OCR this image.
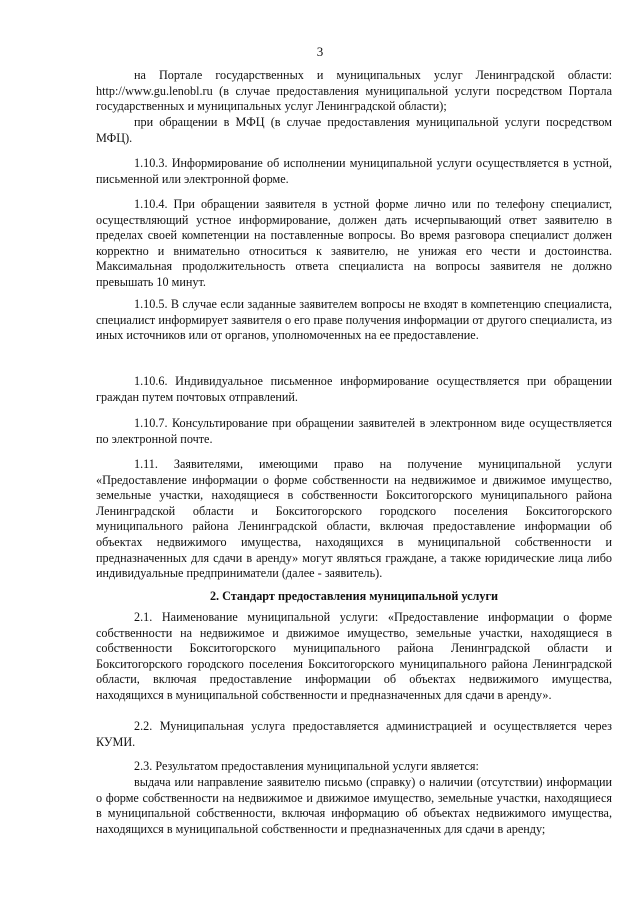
3

на Портале государственных и муниципальных услуг Ленинградской области: http://www.gu.lenobl.ru (в случае предоставления муниципальной услуги посредством Портала государственных и муниципальных услуг Ленинградской области);

при обращении в МФЦ (в случае предоставления муниципальной услуги посредством МФЦ).

1.10.3. Информирование об исполнении муниципальной услуги осуществляется в устной, письменной или электронной форме.

1.10.4. При обращении заявителя в устной форме лично или по телефону специалист, осуществляющий устное информирование, должен дать исчерпывающий ответ заявителю в пределах своей компетенции на поставленные вопросы. Во время разговора специалист должен корректно и внимательно относиться к заявителю, не унижая его чести и достоинства. Максимальная продолжительность ответа специалиста на вопросы заявителя не должно превышать 10 минут.

1.10.5. В случае если заданные заявителем вопросы не входят в компетенцию специалиста, специалист информирует заявителя о его праве получения информации от другого специалиста, из иных источников или от органов, уполномоченных на ее предоставление.

1.10.6. Индивидуальное письменное информирование осуществляется при обращении граждан путем почтовых отправлений.

1.10.7. Консультирование при обращении заявителей в электронном виде осуществляется по электронной почте.

1.11. Заявителями, имеющими право на получение муниципальной услуги «Предоставление информации о форме собственности на недвижимое и движимое имущество, земельные участки, находящиеся в собственности Бокситогорского муниципального района Ленинградской области и Бокситогорского городского поселения Бокситогорского муниципального района Ленинградской области, включая предоставление информации об объектах недвижимого имущества, находящихся в муниципальной собственности и предназначенных для сдачи в аренду» могут являться граждане, а также юридические лица либо индивидуальные предприниматели (далее - заявитель).

2. Стандарт предоставления муниципальной услуги

2.1. Наименование муниципальной услуги: «Предоставление информации о форме собственности на недвижимое и движимое имущество, земельные участки, находящиеся в собственности Бокситогорского муниципального района Ленинградской области и Бокситогорского городского поселения Бокситогорского муниципального района Ленинградской области, включая предоставление информации об объектах недвижимого имущества, находящихся в муниципальной собственности и предназначенных для сдачи в аренду».

2.2. Муниципальная услуга предоставляется администрацией и осуществляется через КУМИ.

2.3. Результатом предоставления муниципальной услуги является:

выдача или направление заявителю письмо (справку) о наличии (отсутствии) информации о форме собственности на недвижимое и движимое имущество, земельные участки, находящиеся в муниципальной собственности, включая информацию об объектах недвижимого имущества, находящихся в муниципальной собственности и предназначенных для сдачи в аренду;
